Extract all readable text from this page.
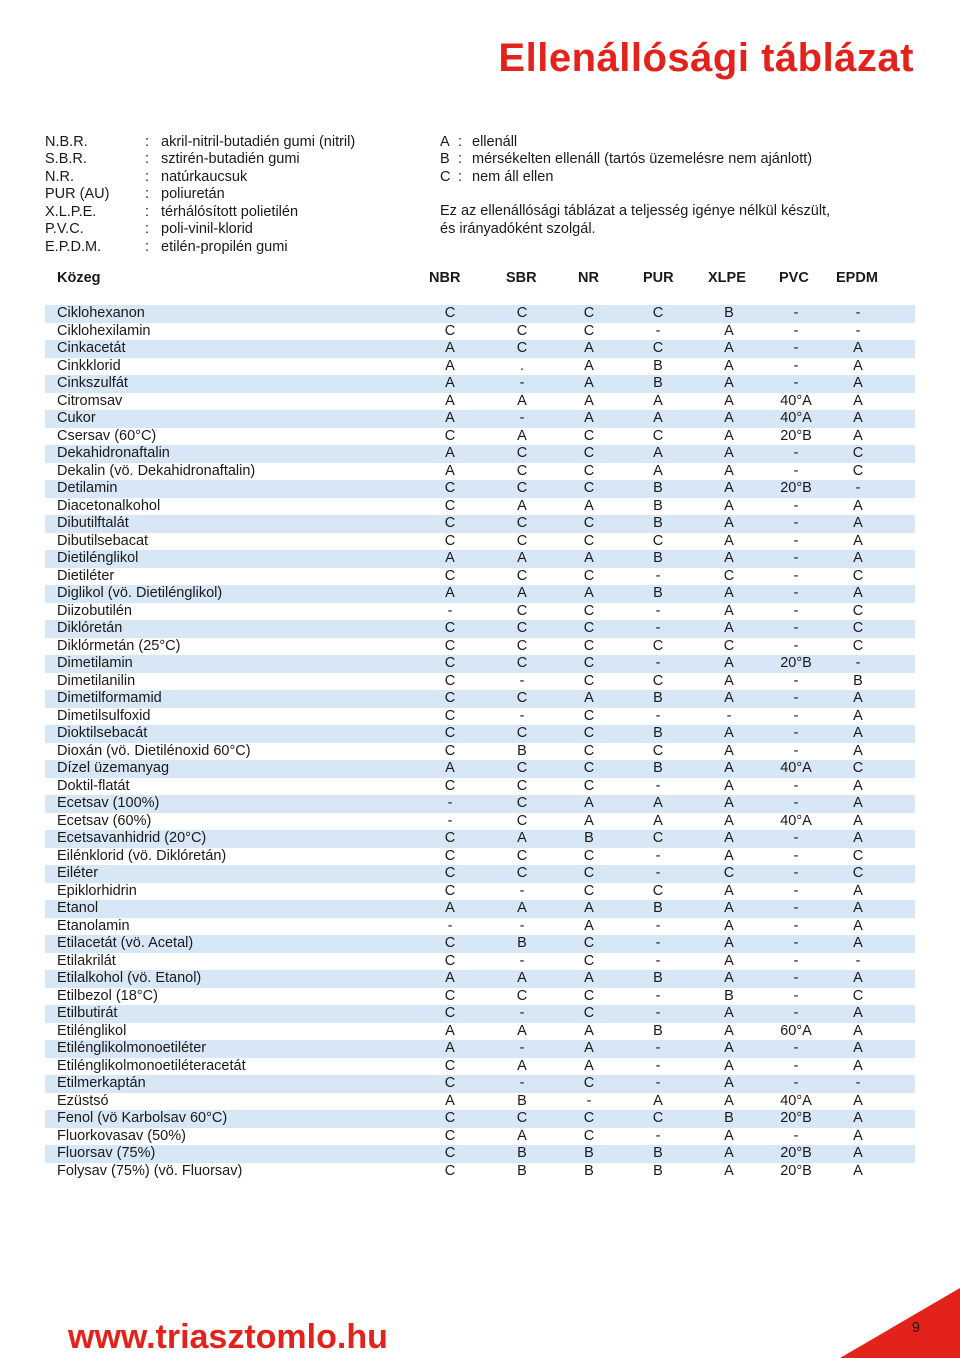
Ellenállósági táblázat
N.B.R.	: akril-nitril-butadién gumi (nitril)
S.B.R.	: sztirén-butadién gumi
N.R.	: natúrkaucsuk
PUR (AU)	: poliuretán
X.L.P.E.	: térhálósított polietilén
P.V.C.	: poli-vinil-klorid
E.P.D.M.	: etilén-propilén gumi
A : ellenáll
B : mérsékelten ellenáll (tartós üzemelésre nem ajánlott)
C : nem áll ellen
Ez az ellenállósági táblázat a teljesség igénye nélkül készült,
és irányadóként szolgál.
Közeg	NBR	SBR	NR	PUR XLPE PVC EPDM
Ciklohexanon	C	C	C	C	B	-	-
Ciklohexilamin	C	C	C	-	A	-	-
Cinkacetát	A	C	A	C	A	-	A
Cinkklorid	A	.	A	B	A	-	A
Cinkszulfát	A	-	A	B	A	-	A
Citromsav	A	A	A	A	A	40°A	A
Cukor	A	-	A	A	A	40°A	A
Csersav (60°C)	C	A	C	C	A	20°B	A
Dekahidronaftalin	A	C	C	A	A	-	C
Dekalin (vö. Dekahidronaftalin)	A	C	C	A	A	-	C
Detilamin	C	C	C	B	A	20°B	-
Diacetonalkohol	C	A	A	B	A	-	A
Dibutilftalát	C	C	C	B	A	-	A
Dibutilsebacat	C	C	C	C	A	-	A
Dietilénglikol	A	A	A	B	A	-	A
Dietiléter	C	C	C	-	C	-	C
Diglikol (vö. Dietilénglikol)	A	A	A	B	A	-	A
Diizobutilén	-	C	C	-	A	-	C
Diklóretán	C	C	C	-	A	-	C
Diklórmetán (25°C)	C	C	C	C	C	-	C
Dimetilamin	C	C	C	-	A	20°B	-
Dimetilanilin	C	-	C	C	A	-	B
Dimetilformamid	C	C	A	B	A	-	A
Dimetilsulfoxid	C	-	C	-	-	-	A
Dioktilsebacát	C	C	C	B	A	-	A
Dioxán (vö. Dietilénoxid 60°C)	C	B	C	C	A	-	A
Dízel üzemanyag	A	C	C	B	A	40°A	C
Doktil-flatát	C	C	C	-	A	-	A
Ecetsav (100%)	-	C	A	A	A	-	A
Ecetsav (60%)	-	C	A	A	A	40°A	A
Ecetsavanhidrid (20°C)	C	A	B	C	A	-	A
Eilénklorid (vö. Diklóretán)	C	C	C	-	A	-	C
Eiléter	C	C	C	-	C	-	C
Epiklorhidrin	C	-	C	C	A	-	A
Etanol	A	A	A	B	A	-	A
Etanolamin	-	-	A	-	A	-	A
Etilacetát (vö. Acetal)	C	B	C	-	A	-	A
Etilakrilát	C	-	C	-	A	-	-
Etilalkohol (vö. Etanol)	A	A	A	B	A	-	A
Etilbezol (18°C)	C	C	C	-	B	-	C
Etilbutirát	C	-	C	-	A	-	A
Etilénglikol	A	A	A	B	A	60°A	A
Etilénglikolmonoetiléter	A	-	A	-	A	-	A
Etilénglikolmonoetiléteracetát	C	A	A	-	A	-	A
Etilmerkaptán	C	-	C	-	A	-	-
Ezüstsó	A	B	-	A	A	40°A	A
Fenol (vö Karbolsav 60°C)	C	C	C	C	B	20°B	A
Fluorkovasav (50%)	C	A	C	-	A	-	A
Fluorsav (75%)	C	B	B	B	A	20°B	A
Folysav (75%) (vö. Fluorsav)	C	B	B	B	A	20°B	A
www.triasztomlo.hu	9
